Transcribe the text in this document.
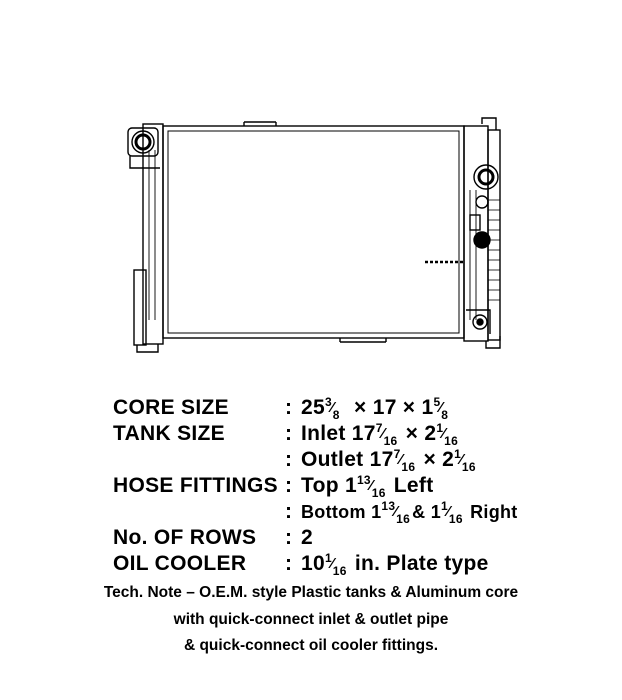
CORE SIZE	:	253⁄8  × 17 × 15⁄8
TANK SIZE	:	Inlet 177⁄16 × 21⁄16
	:	Outlet 177⁄16 × 21⁄16
HOSE FITTINGS	:	Top 113⁄16 Left
	:	Bottom 113⁄16 & 11⁄16 Right
No. OF ROWS	:	2
OIL COOLER	:	101⁄16 in. Plate type
Tech. Note – O.E.M. style Plastic tanks & Aluminum core
with quick-connect inlet & outlet pipe
& quick-connect oil cooler fittings.
